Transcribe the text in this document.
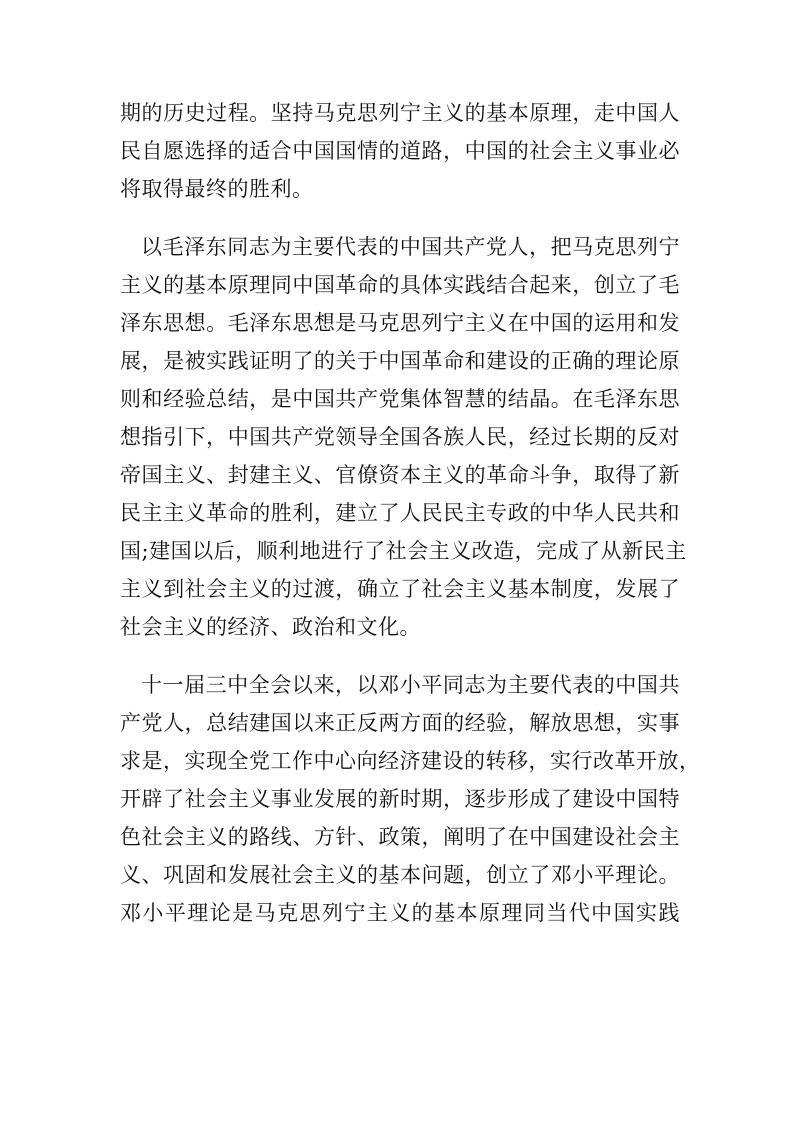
期的历史过程。坚持马克思列宁主义的基本原理，走中国人
民自愿选择的适合中国国情的道路，中国的社会主义事业必
将取得最终的胜利。
以毛泽东同志为主要代表的中国共产党人，把马克思列宁
主义的基本原理同中国革命的具体实践结合起来，创立了毛
泽东思想。毛泽东思想是马克思列宁主义在中国的运用和发
展，是被实践证明了的关于中国革命和建设的正确的理论原
则和经验总结，是中国共产党集体智慧的结晶。在毛泽东思
想指引下，中国共产党领导全国各族人民，经过长期的反对
帝国主义、封建主义、官僚资本主义的革命斗争，取得了新
民主主义革命的胜利，建立了人民民主专政的中华人民共和
国;建国以后，顺利地进行了社会主义改造，完成了从新民主
主义到社会主义的过渡，确立了社会主义基本制度，发展了
社会主义的经济、政治和文化。
十一届三中全会以来，以邓小平同志为主要代表的中国共
产党人，总结建国以来正反两方面的经验，解放思想，实事
求是，实现全党工作中心向经济建设的转移，实行改革开放，
开辟了社会主义事业发展的新时期，逐步形成了建设中国特
色社会主义的路线、方针、政策，阐明了在中国建设社会主
义、巩固和发展社会主义的基本问题，创立了邓小平理论。
邓小平理论是马克思列宁主义的基本原理同当代中国实践
